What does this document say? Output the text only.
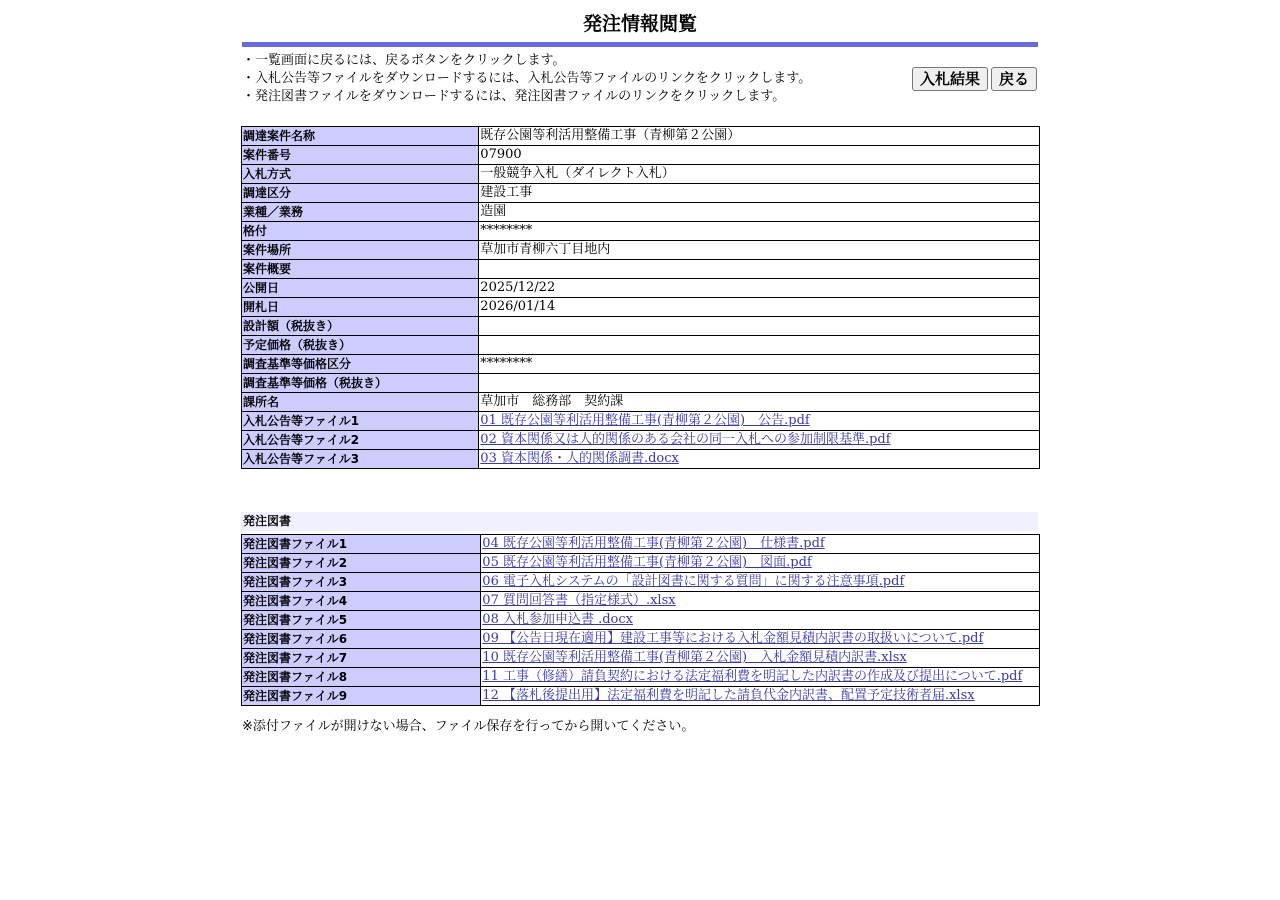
発注情報閲覧
・一覧画面に戻るには、戻るボタンをクリックします。
・入札公告等ファイルをダウンロードするには、入札公告等ファイルのリンクをクリックします。
・発注図書ファイルをダウンロードするには、発注図書ファイルのリンクをクリックします。
入札結果	戻る
調達案件名称	既存公園等利活用整備工事（青柳第２公園）
案件番号	07900
入札方式	一般競争入札（ダイレクト入札）
調達区分	建設工事
業種／業務	造園
格付	********
案件場所	草加市青柳六丁目地内
案件概要	
公開日	2025/12/22
開札日	2026/01/14
設計額（税抜き）	
予定価格（税抜き）	
調査基準等価格区分	********
調査基準等価格（税抜き）	
課所名	草加市　総務部　契約課
入札公告等ファイル1	01 既存公園等利活用整備工事(青柳第２公園)　公告.pdf
入札公告等ファイル2	02 資本関係又は人的関係のある会社の同一入札への参加制限基準.pdf
入札公告等ファイル3	03 資本関係・人的関係調書.docx
発注図書
発注図書ファイル1	04 既存公園等利活用整備工事(青柳第２公園)　仕様書.pdf
発注図書ファイル2	05 既存公園等利活用整備工事(青柳第２公園)　図面.pdf
発注図書ファイル3	06 電子入札システムの「設計図書に関する質問」に関する注意事項.pdf
発注図書ファイル4	07 質問回答書（指定様式）.xlsx
発注図書ファイル5	08 入札参加申込書 .docx
発注図書ファイル6	09 【公告日現在適用】建設工事等における入札金額見積内訳書の取扱いについて.pdf
発注図書ファイル7	10 既存公園等利活用整備工事(青柳第２公園)　入札金額見積内訳書.xlsx
発注図書ファイル8	11 工事（修繕）請負契約における法定福利費を明記した内訳書の作成及び提出について.pdf
発注図書ファイル9	12 【落札後提出用】法定福利費を明記した請負代金内訳書、配置予定技術者届.xlsx
※添付ファイルが開けない場合、ファイル保存を行ってから開いてください。
